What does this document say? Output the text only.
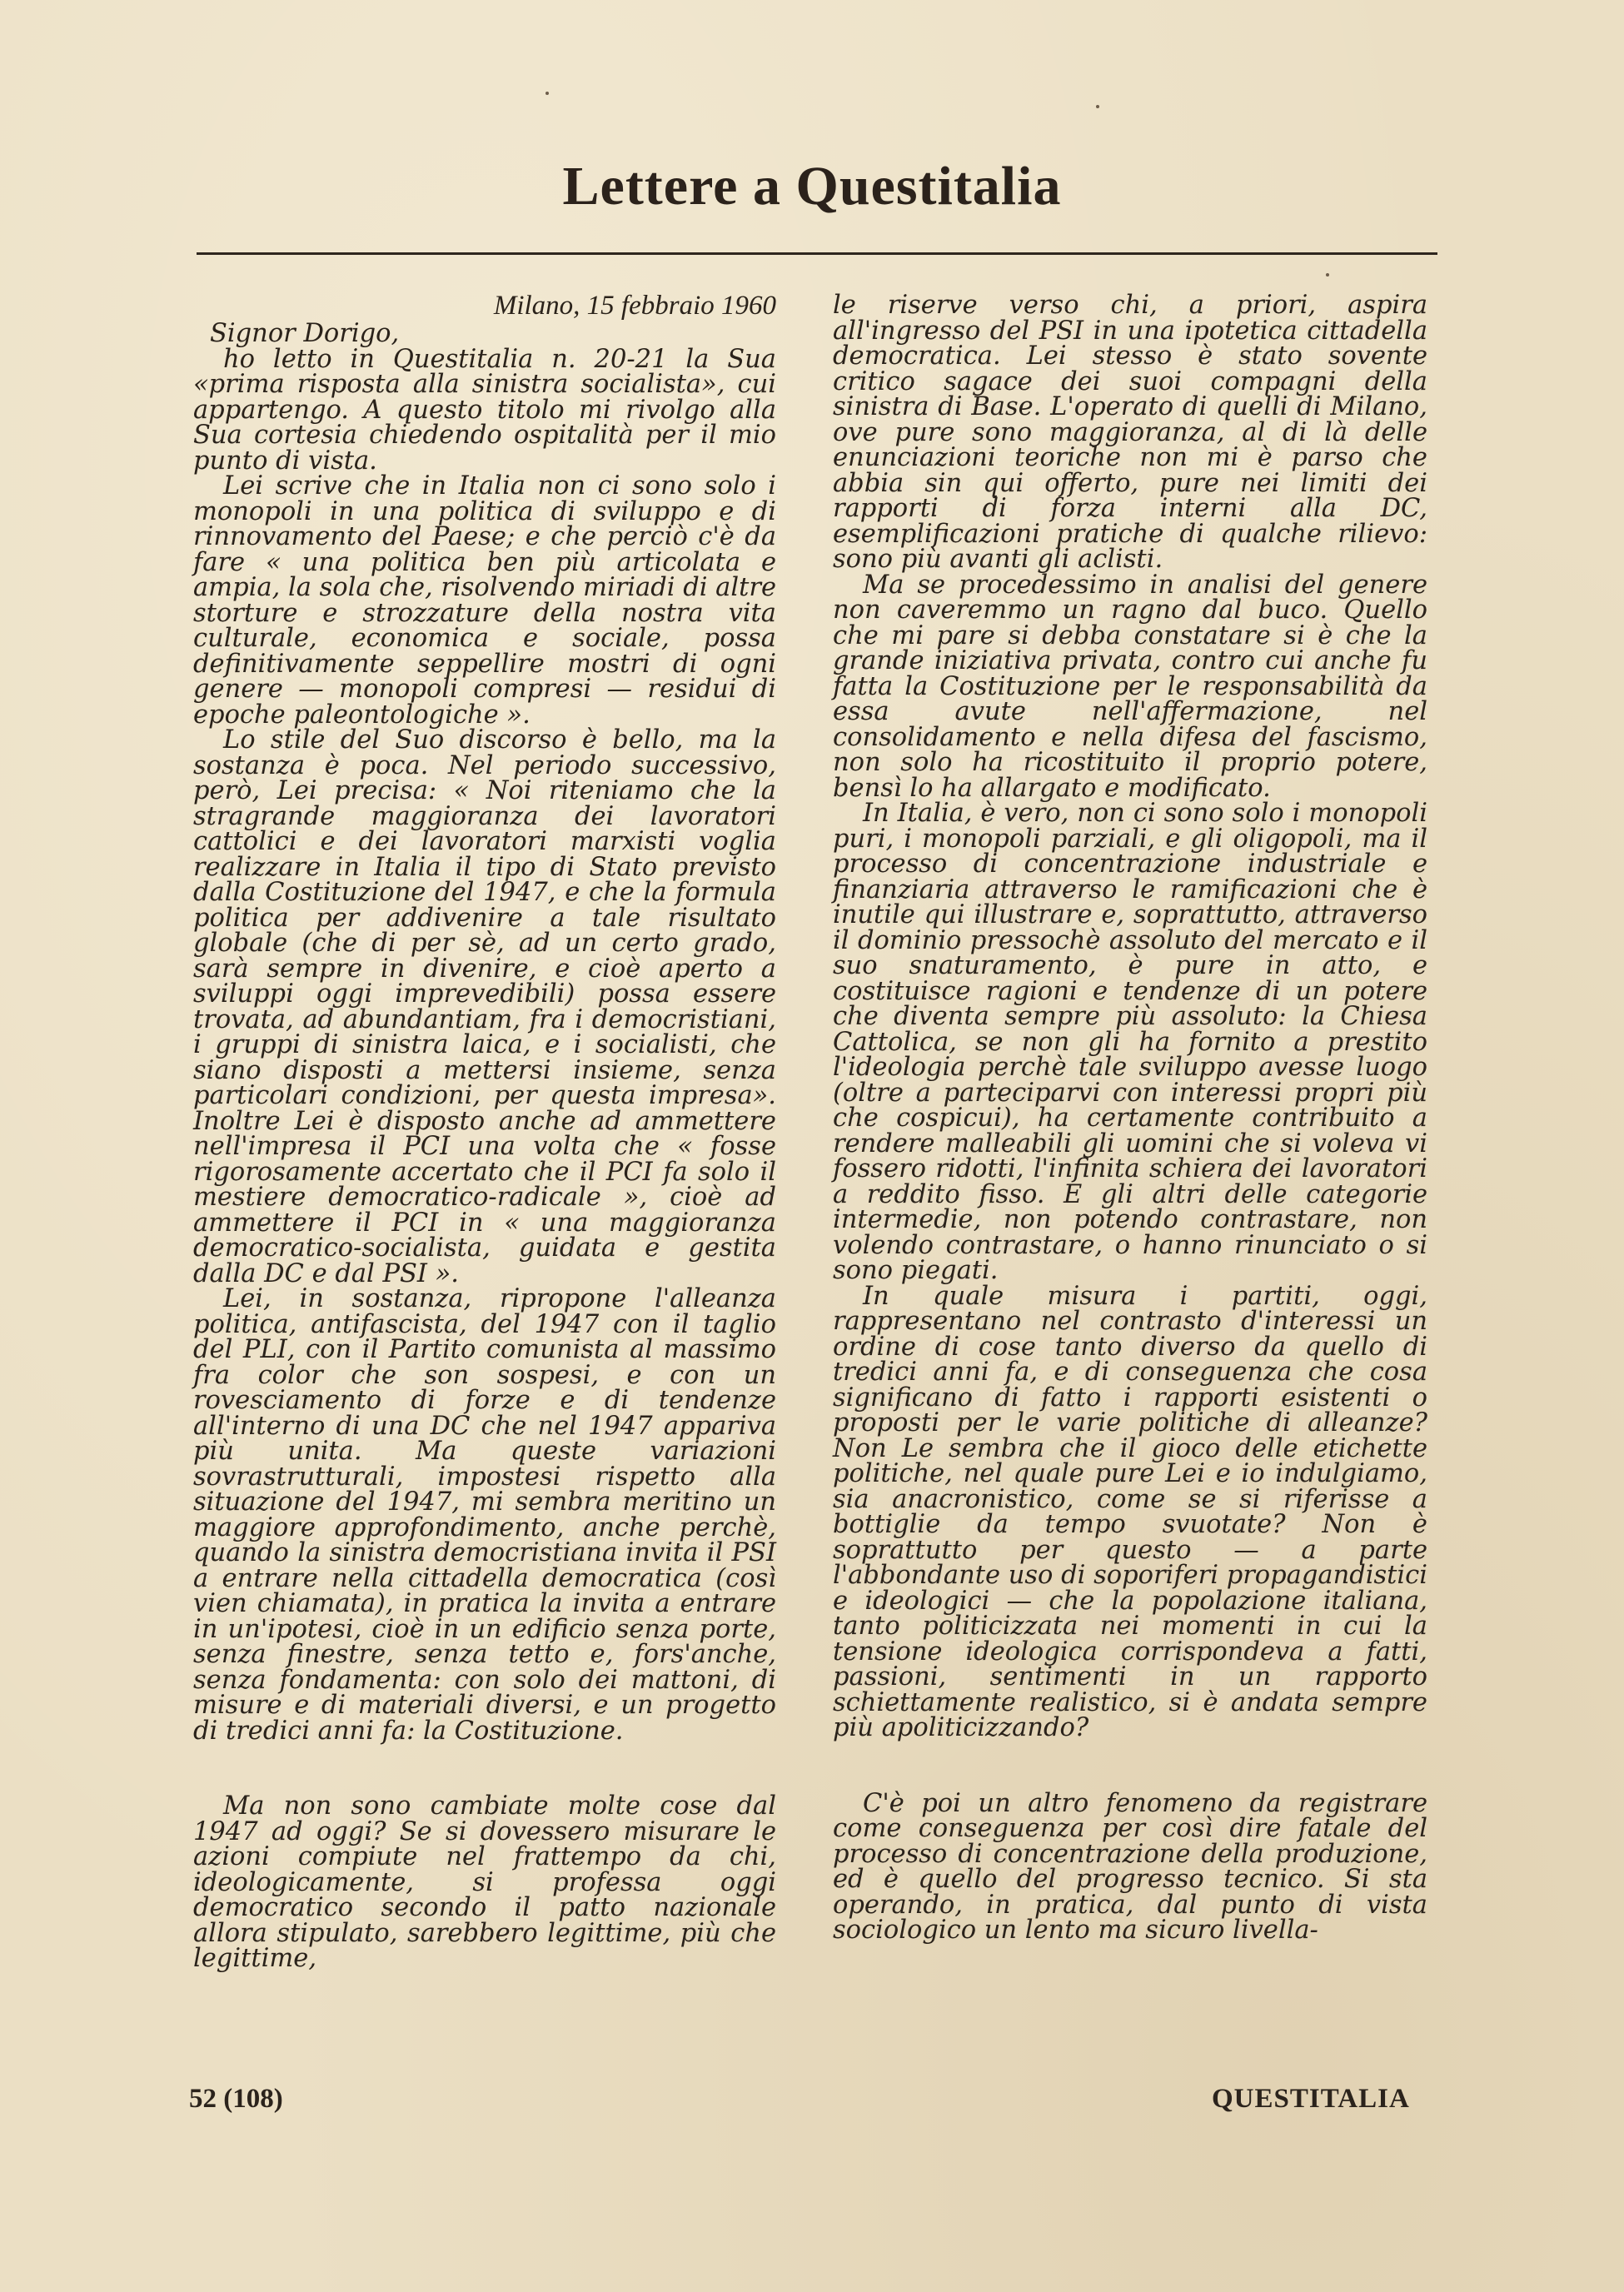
Lettere a Questitalia

Milano, 15 febbraio 1960

Signor Dorigo,

ho letto in Questitalia n. 20-21 la Sua «prima risposta alla sinistra socialista», cui appartengo. A questo titolo mi rivolgo alla Sua cortesia chiedendo ospitalità per il mio punto di vista.

Lei scrive che in Italia non ci sono solo i monopoli in una politica di sviluppo e di rinnovamento del Paese; e che perciò c'è da fare « una politica ben più articolata e ampia, la sola che, risolvendo miriadi di altre storture e strozzature della nostra vita culturale, economica e sociale, possa definitivamente seppellire mostri di ogni genere — monopoli compresi — residui di epoche paleontologiche ».

Lo stile del Suo discorso è bello, ma la sostanza è poca. Nel periodo successivo, però, Lei precisa: « Noi riteniamo che la stragrande maggioranza dei lavoratori cattolici e dei lavoratori marxisti voglia realizzare in Italia il tipo di Stato previsto dalla Costituzione del 1947, e che la formula politica per addivenire a tale risultato globale (che di per sè, ad un certo grado, sarà sempre in divenire, e cioè aperto a sviluppi oggi imprevedibili) possa essere trovata, ad abundantiam, fra i democristiani, i gruppi di sinistra laica, e i socialisti, che siano disposti a mettersi insieme, senza particolari condizioni, per questa impresa». Inoltre Lei è disposto anche ad ammettere nell'impresa il PCI una volta che « fosse rigorosamente accertato che il PCI fa solo il mestiere democratico-radicale », cioè ad ammettere il PCI in « una maggioranza democratico-socialista, guidata e gestita dalla DC e dal PSI ».

Lei, in sostanza, ripropone l'alleanza politica, antifascista, del 1947 con il taglio del PLI, con il Partito comunista al massimo fra color che son sospesi, e con un rovesciamento di forze e di tendenze all'interno di una DC che nel 1947 appariva più unita. Ma queste variazioni sovrastrutturali, impostesi rispetto alla situazione del 1947, mi sembra meritino un maggiore approfondimento, anche perchè, quando la sinistra democristiana invita il PSI a entrare nella cittadella democratica (così vien chiamata), in pratica la invita a entrare in un'ipotesi, cioè in un edificio senza porte, senza finestre, senza tetto e, fors'anche, senza fondamenta: con solo dei mattoni, di misure e di materiali diversi, e un progetto di tredici anni fa: la Costituzione.

Ma non sono cambiate molte cose dal 1947 ad oggi? Se si dovessero misurare le azioni compiute nel frattempo da chi, ideologicamente, si professa oggi democratico secondo il patto nazionale allora stipulato, sarebbero legittime, più che legittime,

le riserve verso chi, a priori, aspira all'ingresso del PSI in una ipotetica cittadella democratica. Lei stesso è stato sovente critico sagace dei suoi compagni della sinistra di Base. L'operato di quelli di Milano, ove pure sono maggioranza, al di là delle enunciazioni teoriche non mi è parso che abbia sin qui offerto, pure nei limiti dei rapporti di forza interni alla DC, esemplificazioni pratiche di qualche rilievo: sono più avanti gli aclisti.

Ma se procedessimo in analisi del genere non caveremmo un ragno dal buco. Quello che mi pare si debba constatare si è che la grande iniziativa privata, contro cui anche fu fatta la Costituzione per le responsabilità da essa avute nell'affermazione, nel consolidamento e nella difesa del fascismo, non solo ha ricostituito il proprio potere, bensì lo ha allargato e modificato.

In Italia, è vero, non ci sono solo i monopoli puri, i monopoli parziali, e gli oligopoli, ma il processo di concentrazione industriale e finanziaria attraverso le ramificazioni che è inutile qui illustrare e, soprattutto, attraverso il dominio pressochè assoluto del mercato e il suo snaturamento, è pure in atto, e costituisce ragioni e tendenze di un potere che diventa sempre più assoluto: la Chiesa Cattolica, se non gli ha fornito a prestito l'ideologia perchè tale sviluppo avesse luogo (oltre a parteciparvi con interessi propri più che cospicui), ha certamente contribuito a rendere malleabili gli uomini che si voleva vi fossero ridotti, l'infinita schiera dei lavoratori a reddito fisso. E gli altri delle categorie intermedie, non potendo contrastare, non volendo contrastare, o hanno rinunciato o si sono piegati.

In quale misura i partiti, oggi, rappresentano nel contrasto d'interessi un ordine di cose tanto diverso da quello di tredici anni fa, e di conseguenza che cosa significano di fatto i rapporti esistenti o proposti per le varie politiche di alleanze? Non Le sembra che il gioco delle etichette politiche, nel quale pure Lei e io indulgiamo, sia anacronistico, come se si riferisse a bottiglie da tempo svuotate? Non è soprattutto per questo — a parte l'abbondante uso di soporiferi propagandistici e ideologici — che la popolazione italiana, tanto politicizzata nei momenti in cui la tensione ideologica corrispondeva a fatti, passioni, sentimenti in un rapporto schiettamente realistico, si è andata sempre più apoliticizzando?

C'è poi un altro fenomeno da registrare come conseguenza per così dire fatale del processo di concentrazione della produzione, ed è quello del progresso tecnico. Si sta operando, in pratica, dal punto di vista sociologico un lento ma sicuro livella-

52 (108)	QUESTITALIA
